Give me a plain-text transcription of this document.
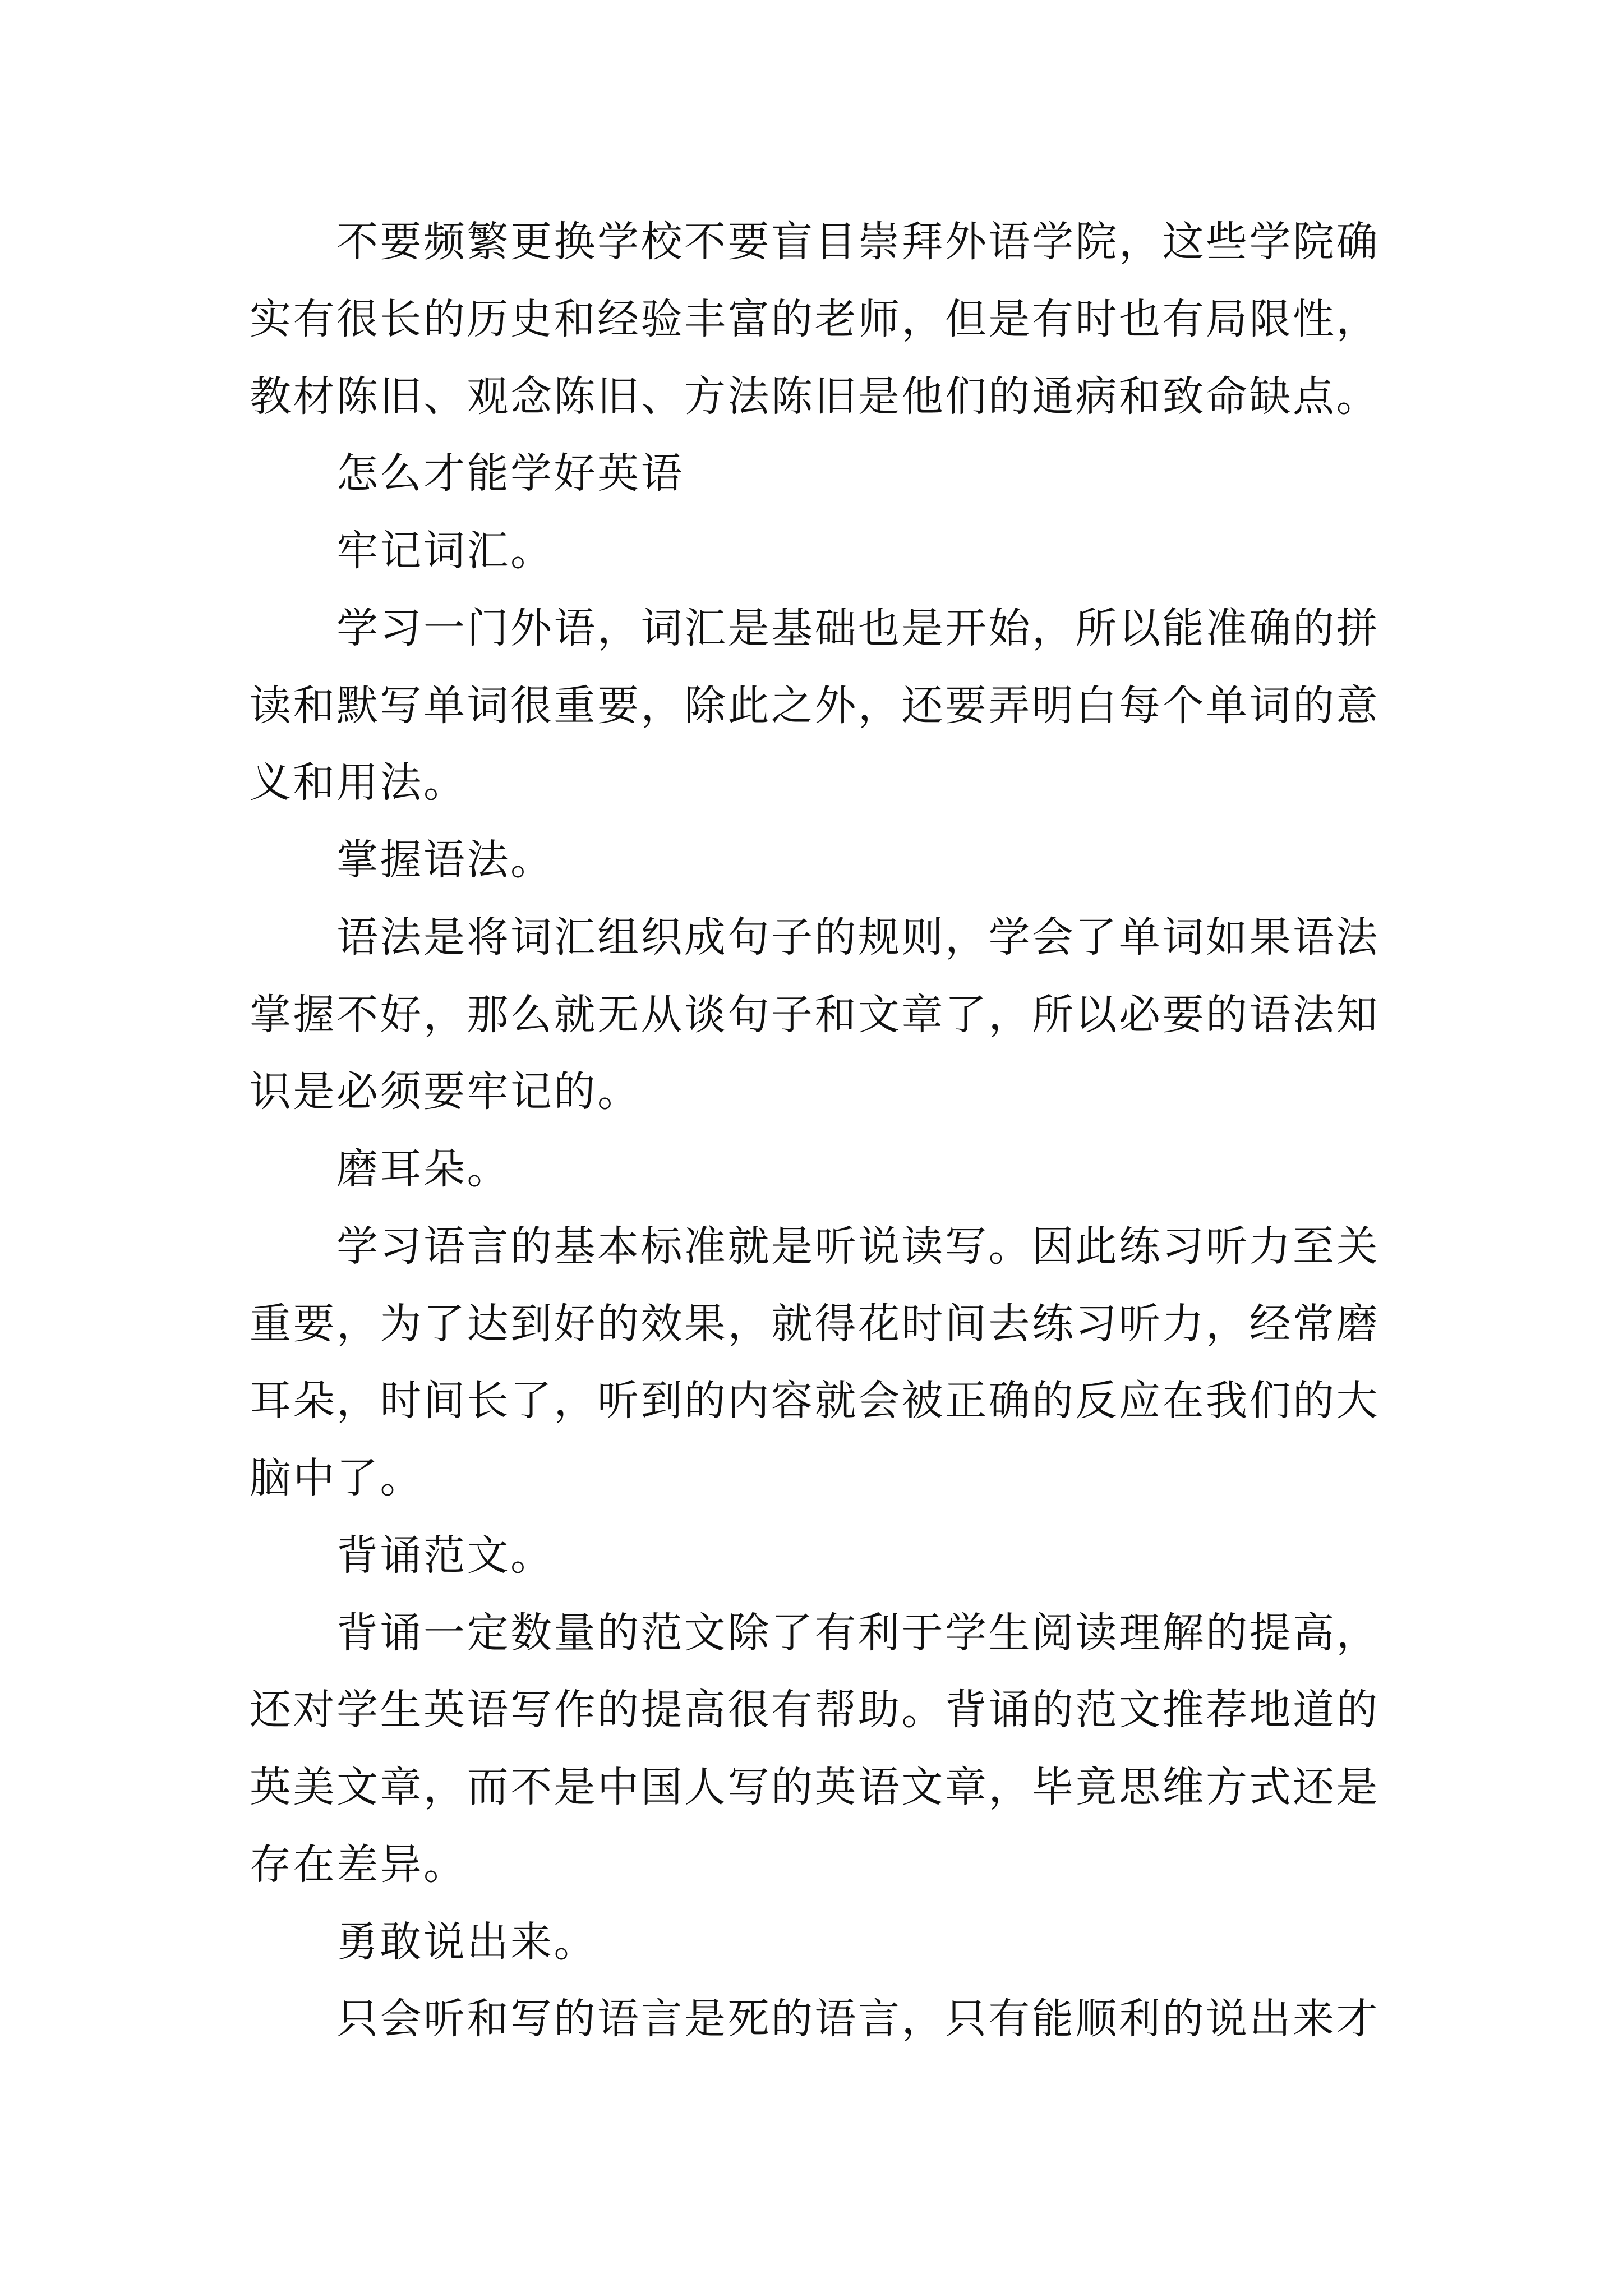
不要频繁更换学校不要盲目崇拜外语学院，这些学院确
实有很长的历史和经验丰富的老师，但是有时也有局限性，
教材陈旧、观念陈旧、方法陈旧是他们的通病和致命缺点。
怎么才能学好英语
牢记词汇。
学习一门外语，词汇是基础也是开始，所以能准确的拼
读和默写单词很重要，除此之外，还要弄明白每个单词的意
义和用法。
掌握语法。
语法是将词汇组织成句子的规则，学会了单词如果语法
掌握不好，那么就无从谈句子和文章了，所以必要的语法知
识是必须要牢记的。
磨耳朵。
学习语言的基本标准就是听说读写。因此练习听力至关
重要，为了达到好的效果，就得花时间去练习听力，经常磨
耳朵，时间长了，听到的内容就会被正确的反应在我们的大
脑中了。
背诵范文。
背诵一定数量的范文除了有利于学生阅读理解的提高，
还对学生英语写作的提高很有帮助。背诵的范文推荐地道的
英美文章，而不是中国人写的英语文章，毕竟思维方式还是
存在差异。
勇敢说出来。
只会听和写的语言是死的语言，只有能顺利的说出来才
